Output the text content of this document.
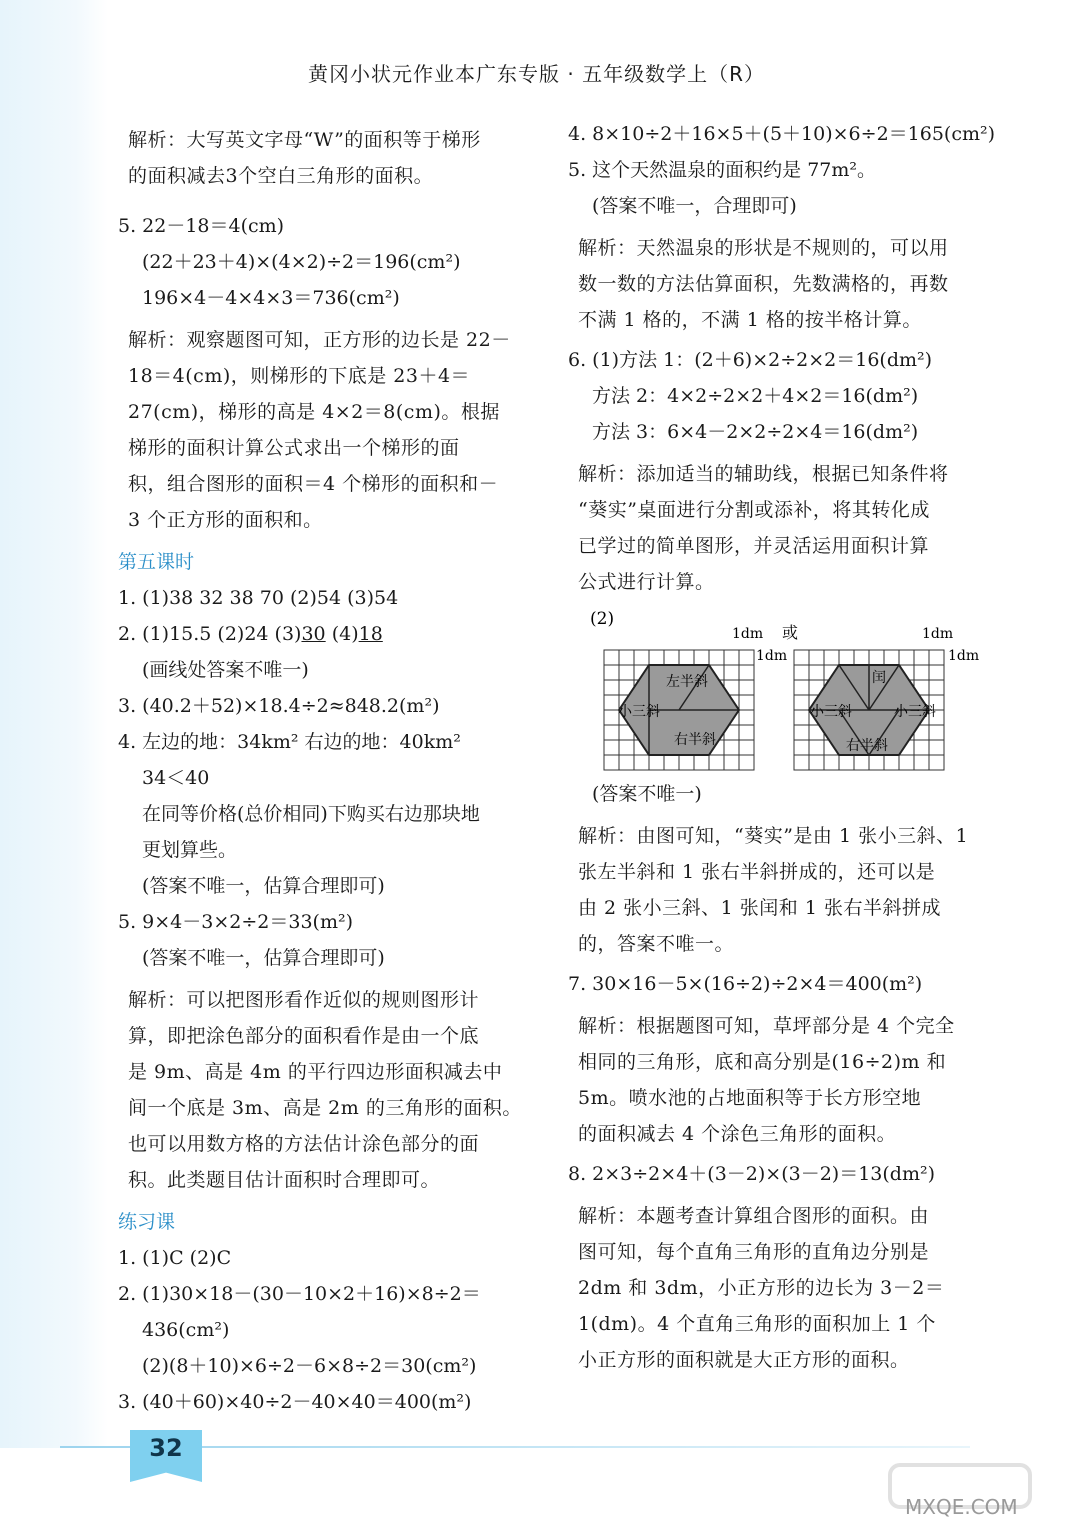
黄冈小状元作业本广东专版 · 五年级数学上（R）
解析：大写英文字母“W”的面积等于梯形
的面积减去3个空白三角形的面积。
5. 22－18＝4(cm)
(22＋23＋4)×(4×2)÷2＝196(cm²)
196×4－4×4×3＝736(cm²)
解析：观察题图可知，正方形的边长是 22－
18＝4(cm)，则梯形的下底是 23＋4＝
27(cm)，梯形的高是 4×2＝8(cm)。根据
梯形的面积计算公式求出一个梯形的面
积，组合图形的面积＝4 个梯形的面积和－
3 个正方形的面积和。
第五课时
1. (1)38 32 38 70 (2)54 (3)54
2. (1)15.5 (2)24 (3)30 (4)18
(画线处答案不唯一)
3. (40.2＋52)×18.4÷2≈848.2(m²)
4. 左边的地：34km² 右边的地：40km²
34＜40
在同等价格(总价相同)下购买右边那块地
更划算些。
(答案不唯一，估算合理即可)
5. 9×4－3×2÷2＝33(m²)
(答案不唯一，估算合理即可)
解析：可以把图形看作近似的规则图形计
算，即把涂色部分的面积看作是由一个底
是 9m、高是 4m 的平行四边形面积减去中
间一个底是 3m、高是 2m 的三角形的面积。
也可以用数方格的方法估计涂色部分的面
积。此类题目估计面积时合理即可。
练习课
1. (1)C (2)C
2. (1)30×18－(30－10×2＋16)×8÷2＝
436(cm²)
(2)(8＋10)×6÷2－6×8÷2＝30(cm²)
3. (40＋60)×40÷2－40×40＝400(m²)
4. 8×10÷2＋16×5＋(5＋10)×6÷2＝165(cm²)
5. 这个天然温泉的面积约是 77m²。
(答案不唯一，合理即可)
解析：天然温泉的形状是不规则的，可以用
数一数的方法估算面积，先数满格的，再数
不满 1 格的，不满 1 格的按半格计算。
6. (1)方法 1：(2＋6)×2÷2×2＝16(dm²)
方法 2：4×2÷2×2＋4×2＝16(dm²)
方法 3：6×4－2×2÷2×4＝16(dm²)
解析：添加适当的辅助线，根据已知条件将
“葵实”桌面进行分割或添补，将其转化成
已学过的简单图形，并灵活运用面积计算
公式进行计算。
(2)
左半斜
小三斜
右半斜
1dm
1dm
或
闰
小三斜	小三斜
右半斜
1dm
1dm
(答案不唯一)
解析：由图可知，“葵实”是由 1 张小三斜、1
张左半斜和 1 张右半斜拼成的，还可以是
由 2 张小三斜、1 张闰和 1 张右半斜拼成
的，答案不唯一。
7. 30×16－5×(16÷2)÷2×4＝400(m²)
解析：根据题图可知，草坪部分是 4 个完全
相同的三角形，底和高分别是(16÷2)m 和
5m。喷水池的占地面积等于长方形空地
的面积减去 4 个涂色三角形的面积。
8. 2×3÷2×4＋(3－2)×(3－2)＝13(dm²)
解析：本题考查计算组合图形的面积。由
图可知，每个直角三角形的直角边分别是
2dm 和 3dm，小正方形的边长为 3－2＝
1(dm)。4 个直角三角形的面积加上 1 个
小正方形的面积就是大正方形的面积。
32
MXQE.COM
